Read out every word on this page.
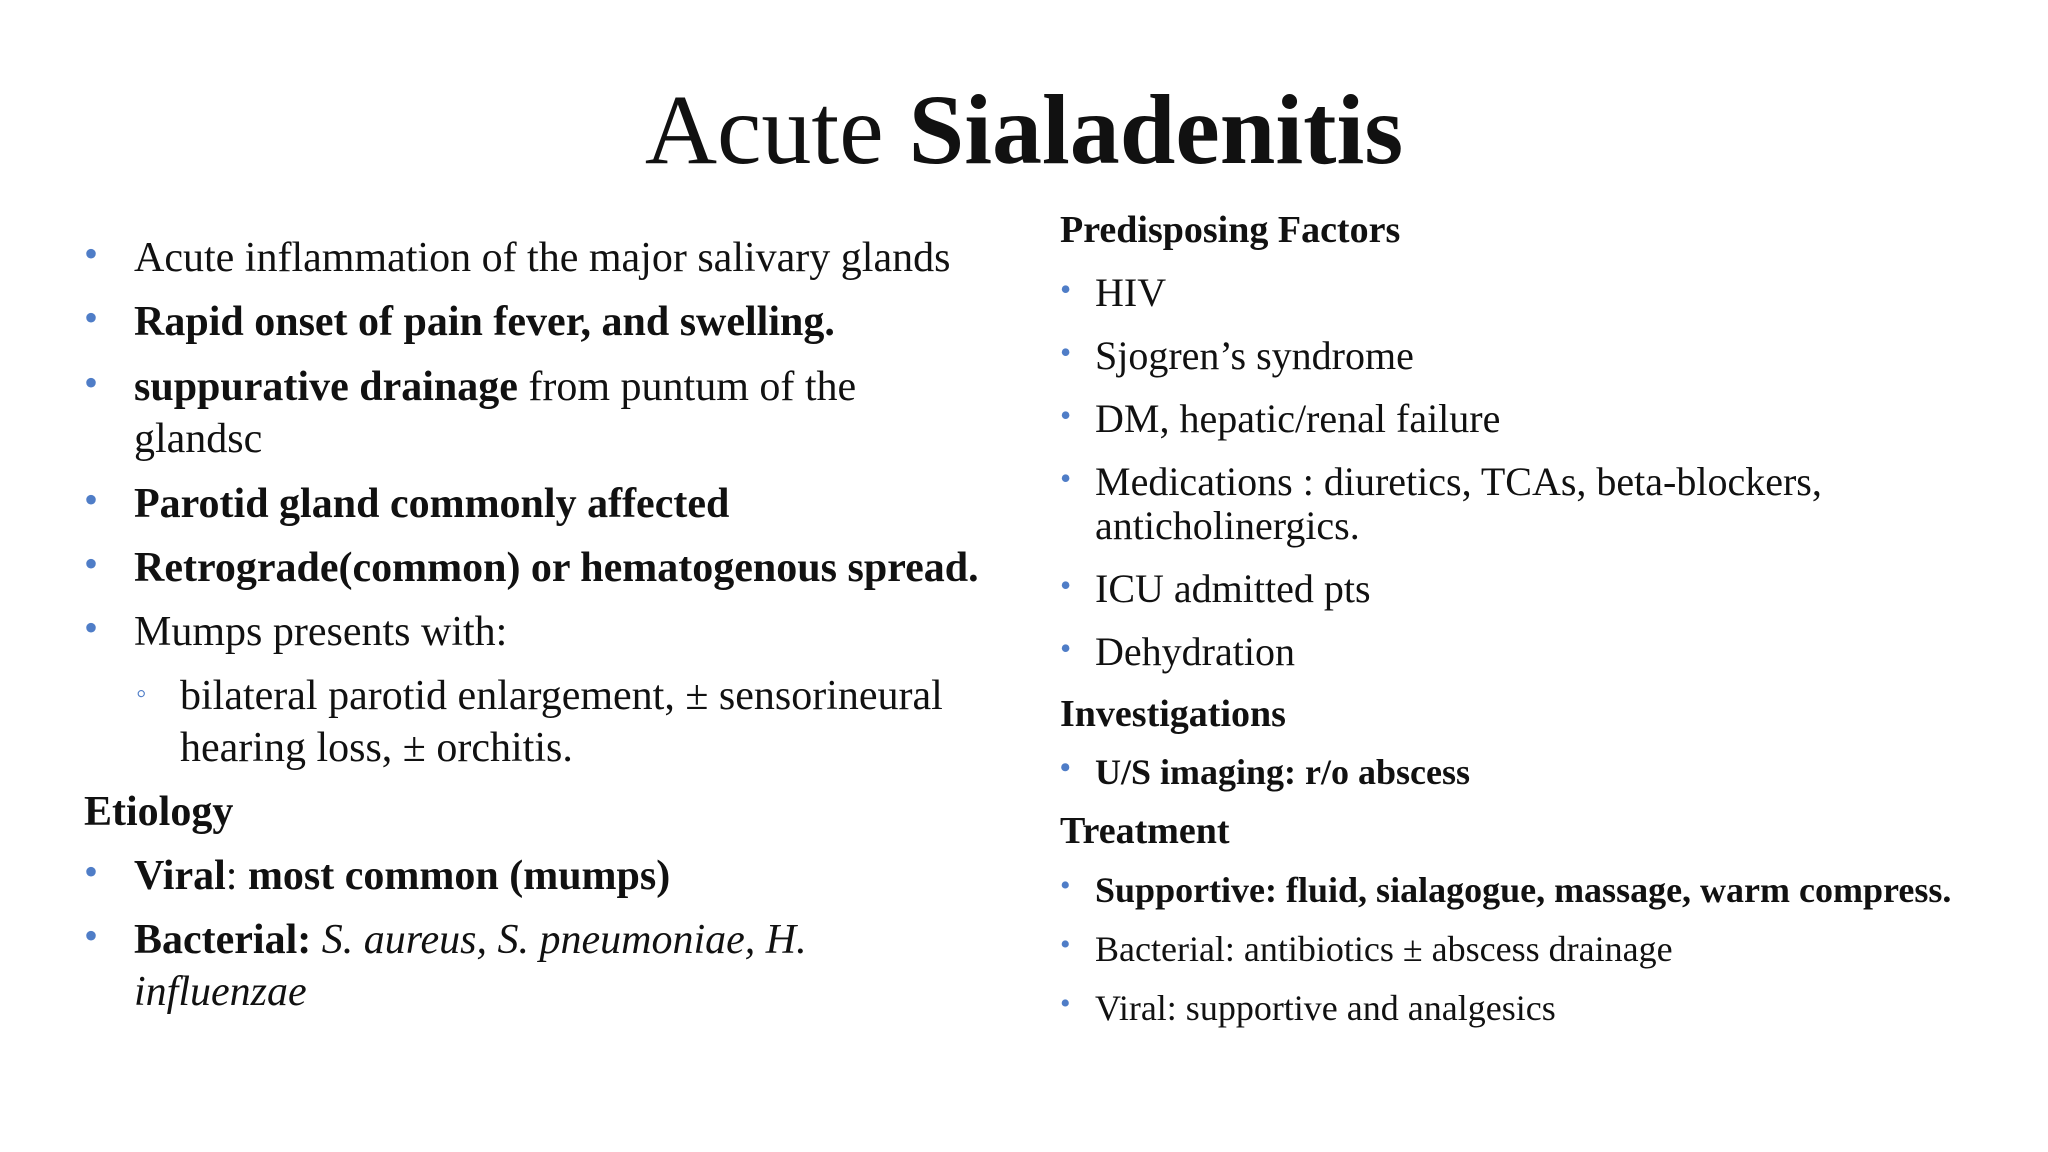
Acute Sialadenitis
• Acute inflammation of the major salivary glands
• Rapid onset of pain fever, and swelling.
• suppurative drainage from puntum of the
glandsc
• Parotid gland commonly affected
• Retrograde(common) or hematogenous spread.
• Mumps presents with:
◦ bilateral parotid enlargement, ± sensorineural
hearing loss, ± orchitis.
Etiology
• Viral: most common (mumps)
• Bacterial: S. aureus, S. pneumoniae, H.
influenzae
Predisposing Factors
• HIV
• Sjogren’s syndrome
• DM, hepatic/renal failure
• Medications : diuretics, TCAs, beta-blockers,
anticholinergics.
• ICU admitted pts
• Dehydration
Investigations
• U/S imaging: r/o abscess
Treatment
• Supportive: fluid, sialagogue, massage, warm compress.
• Bacterial: antibiotics ± abscess drainage
• Viral: supportive and analgesics
